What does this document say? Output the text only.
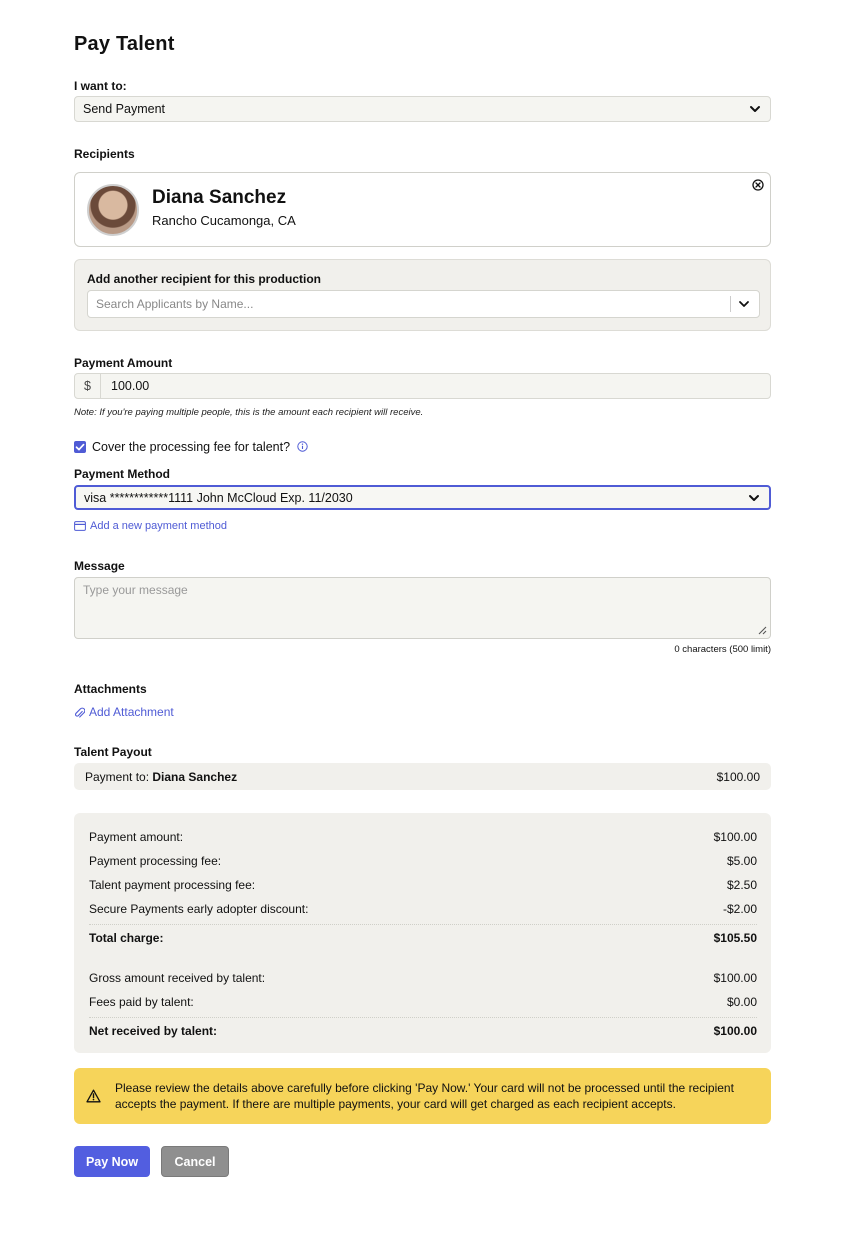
Pay Talent
I want to:
Send Payment
Recipients
Diana Sanchez
Rancho Cucamonga, CA
Add another recipient for this production
Search Applicants by Name...
Payment Amount
$	100.00
Note: If you're paying multiple people, this is the amount each recipient will receive.
Cover the processing fee for talent?
Payment Method
visa ************1111 John McCloud Exp. 11/2030
Add a new payment method
Message
Type your message
0 characters (500 limit)
Attachments
Add Attachment
Talent Payout
Payment to: Diana Sanchez	$100.00
Payment amount:	$100.00
Payment processing fee:	$5.00
Talent payment processing fee:	$2.50
Secure Payments early adopter discount:	-$2.00
Total charge:	$105.50
Gross amount received by talent:	$100.00
Fees paid by talent:	$0.00
Net received by talent:	$100.00
Please review the details above carefully before clicking 'Pay Now.' Your card will not be processed until the recipient accepts the payment. If there are multiple payments, your card will get charged as each recipient accepts.
Pay Now	Cancel
